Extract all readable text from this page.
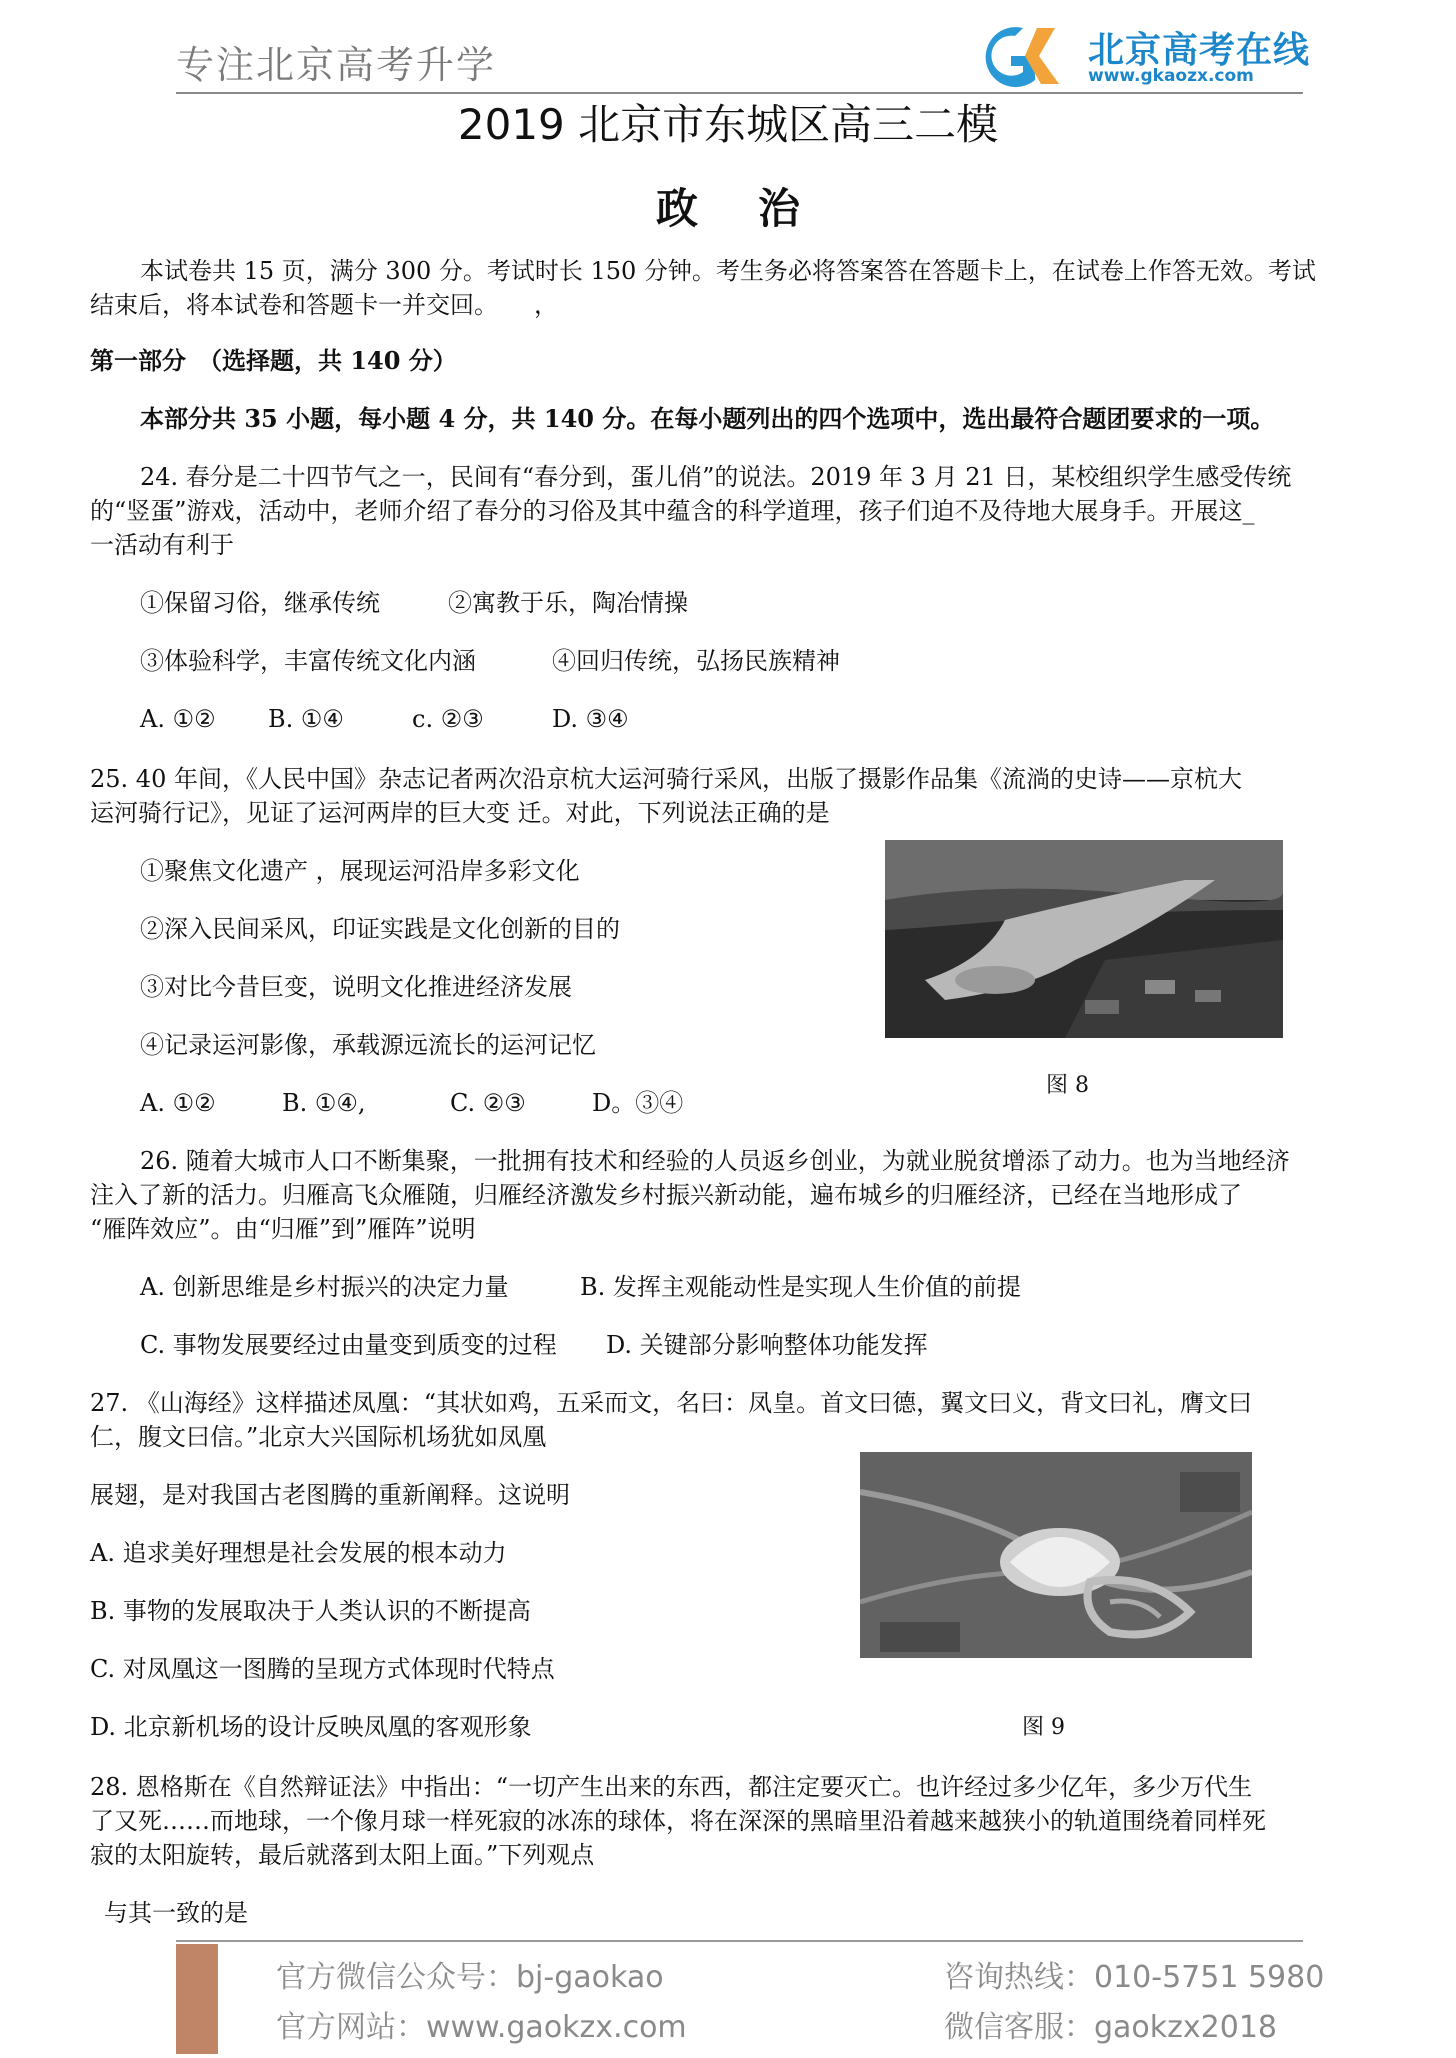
专注北京高考升学	北京高考在线
www.gkaozx.com
2019 北京市东城区高三二模
政治
本试卷共 15 页，满分 300 分。考试时长 150 分钟。考生务必将答案答在答题卡上，在试卷上作答无效。考试
结束后，将本试卷和答题卡一并交回。　　，
第一部分　（选择题，共 140 分）
本部分共 35 小题，每小题 4 分，共 140 分。在每小题列出的四个选项中，选出最符合题团要求的一项。
24. 春分是二十四节气之一，民间有“春分到，蛋儿俏”的说法。2019 年 3 月 21 日，某校组织学生感受传统
的“竖蛋”游戏，活动中，老师介绍了春分的习俗及其中蕴含的科学道理，孩子们迫不及待地大展身手。开展这_
一活动有利于
①保留习俗，继承传统	②寓教于乐，陶冶情操
③体验科学，丰富传统文化内涵	④回归传统，弘扬民族精神
A. ①② B. ①④	c. ②③	D. ③④
25. 40 年间，《人民中国》杂志记者两次沿京杭大运河骑行采风，出版了摄影作品集《流淌的史诗——京杭大
运河骑行记》，见证了运河两岸的巨大变 迁。对此，下列说法正确的是
①聚焦文化遗产 ，展现运河沿岸多彩文化
②深入民间采风，印证实践是文化创新的目的
③对比今昔巨变，说明文化推进经济发展
④记录运河影像，承载源远流长的运河记忆
A. ①②	B. ①④,	C. ②③	D。③④
图 8
26. 随着大城市人口不断集聚，一批拥有技术和经验的人员返乡创业，为就业脱贫增添了动力。也为当地经济
注入了新的活力。归雁高飞众雁随，归雁经济激发乡村振兴新动能，遍布城乡的归雁经济，已经在当地形成了
“雁阵效应”。由“归雁”到”雁阵”说明
A. 创新思维是乡村振兴的决定力量	B. 发挥主观能动性是实现人生价值的前提
C. 事物发展要经过由量变到质变的过程 D. 关键部分影响整体功能发挥
27. 《山海经》这样描述凤凰：“其状如鸡，五采而文，名曰：凤皇。首文曰德，翼文曰义，背文曰礼，膺文曰
仁，腹文曰信。”北京大兴国际机场犹如凤凰
展翅，是对我国古老图腾的重新阐释。这说明
A. 追求美好理想是社会发展的根本动力
B. 事物的发展取决于人类认识的不断提高
C. 对凤凰这一图腾的呈现方式体现时代特点
D. 北京新机场的设计反映凤凰的客观形象	图 9
28. 恩格斯在《自然辩证法》中指出：“一切产生出来的东西，都注定要灭亡。也许经过多少亿年，多少万代生
了又死……而地球，一个像月球一样死寂的冰冻的球体，将在深深的黑暗里沿着越来越狭小的轨道围绕着同样死
寂的太阳旋转，最后就落到太阳上面。”下列观点
与其一致的是
官方微信公众号：bj-gaokao
官方网站：www.gaokzx.com
咨询热线：010-5751 5980
微信客服：gaokzx2018
